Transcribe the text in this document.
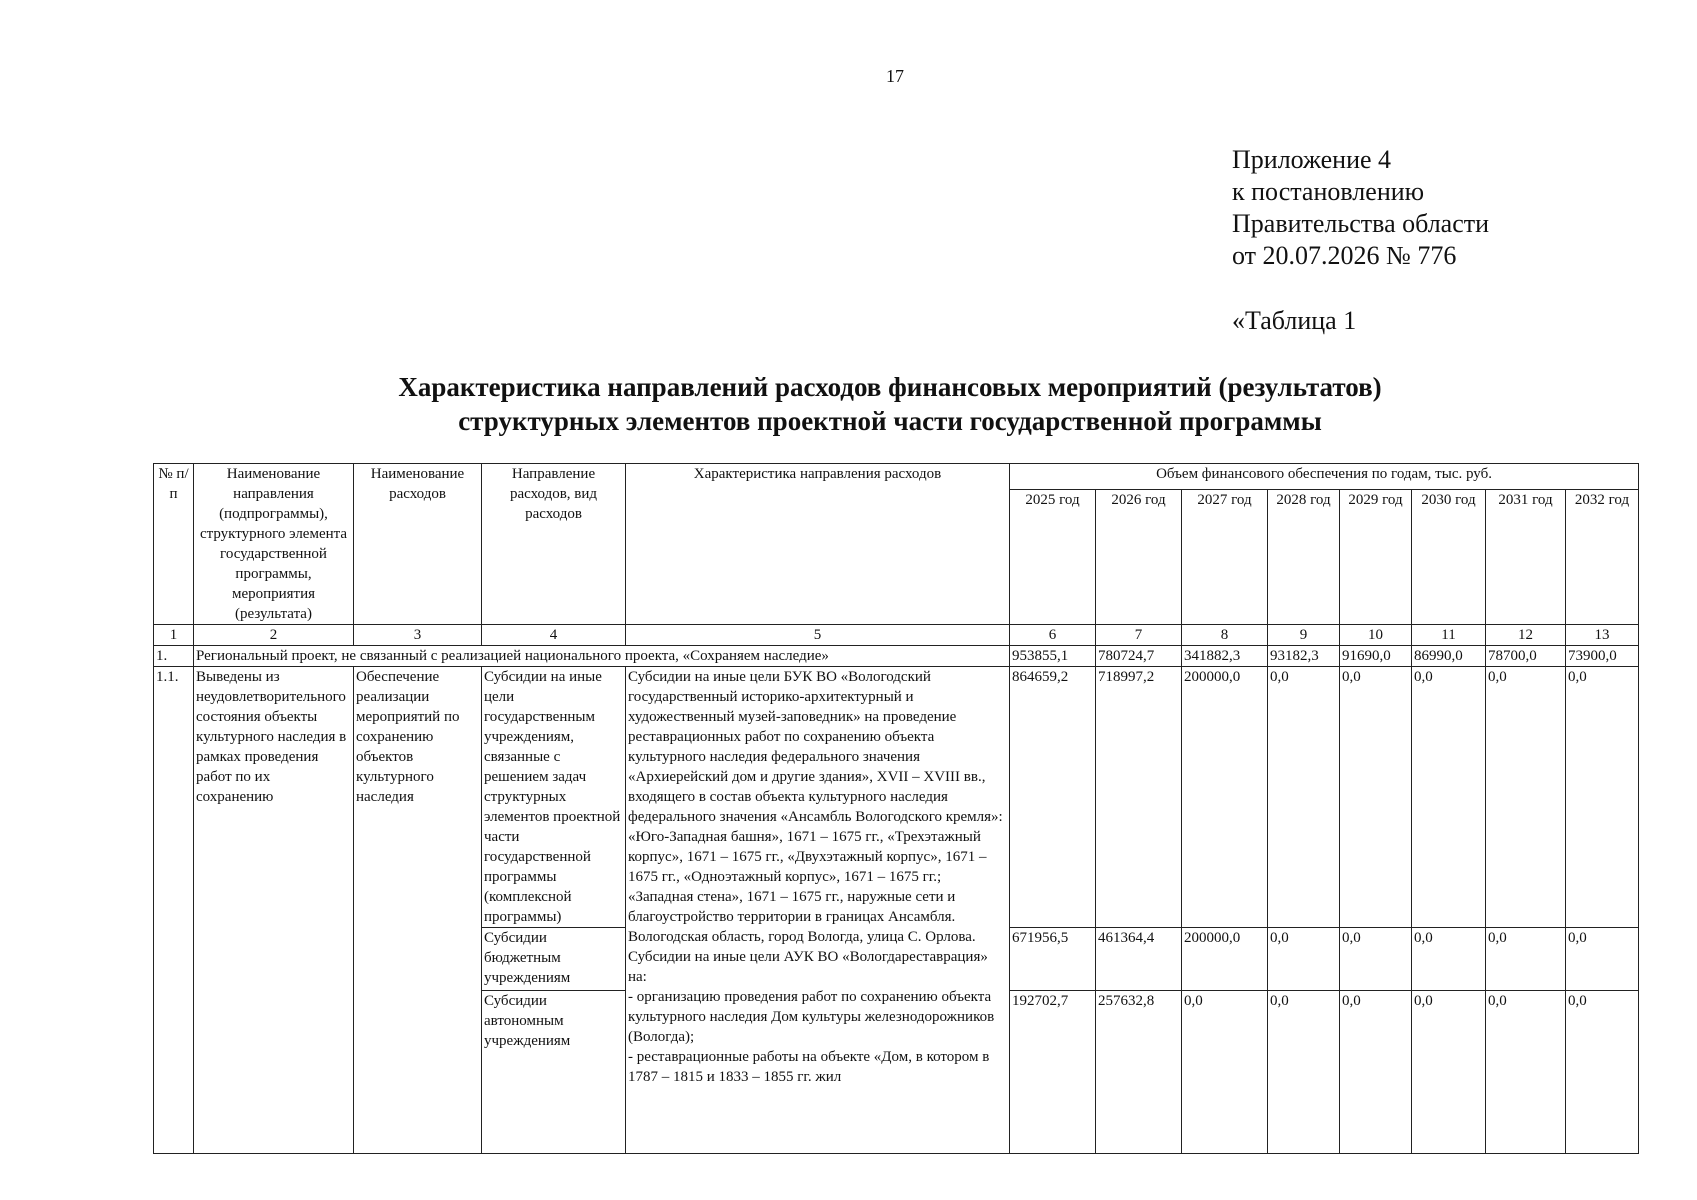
17
Приложение 4
к постановлению
Правительства области
от 20.07.2026 № 776
«Таблица 1
Характеристика направлений расходов финансовых мероприятий (результатов)
структурных элементов проектной части государственной программы
№ п/п	Наименование направления (подпрограммы), структурного элемента государственной программы, мероприятия (результата)	Наименование расходов	Направление расходов, вид расходов	Характеристика направления расходов	Объем финансового обеспечения по годам, тыс. руб.							
					2025 год	2026 год	2027 год	2028 год	2029 год	2030 год	2031 год	2032 год
1	2	3	4	5	6	7	8	9	10	11	12	13
1.	Региональный проект, не связанный с реализацией национального проекта, «Сохраняем наследие»				953855,1	780724,7	341882,3	93182,3	91690,0	86990,0	78700,0	73900,0
1.1.	Выведены из неудовлетворительного состояния объекты культурного наследия в рамках проведения работ по их сохранению	Обеспечение реализации мероприятий по сохранению объектов культурного наследия	Субсидии на иные цели государственным учреждениям, связанные с решением задач структурных элементов проектной части государственной программы (комплексной программы)	Субсидии на иные цели БУК ВО «Вологодский государственный историко-архитектурный и художественный музей-заповедник» на проведение реставрационных работ по сохранению объекта культурного наследия федерального значения «Архиерейский дом и другие здания», XVII – XVIII вв., входящего в состав объекта культурного наследия федерального значения «Ансамбль Вологодского кремля»: «Юго-Западная башня», 1671 – 1675 гг., «Трехэтажный корпус», 1671 – 1675 гг., «Двухэтажный корпус», 1671 – 1675 гг., «Одноэтажный корпус», 1671 – 1675 гг.; «Западная стена», 1671 – 1675 гг., наружные сети и благоустройство территории в границах Ансамбля. Вологодская область, город Вологда, улица С. Орлова.
Субсидии на иные цели АУК ВО «Вологдареставрация» на:
- организацию проведения работ по сохранению объекта культурного наследия Дом культуры железнодорожников (Вологда);
- реставрационные работы на объекте «Дом, в котором в 1787 – 1815 и 1833 – 1855 гг. жил	864659,2	718997,2	200000,0	0,0	0,0	0,0	0,0	0,0
			Субсидии бюджетным учреждениям		671956,5	461364,4	200000,0	0,0	0,0	0,0	0,0	0,0
			Субсидии автономным учреждениям		192702,7	257632,8	0,0	0,0	0,0	0,0	0,0	0,0
